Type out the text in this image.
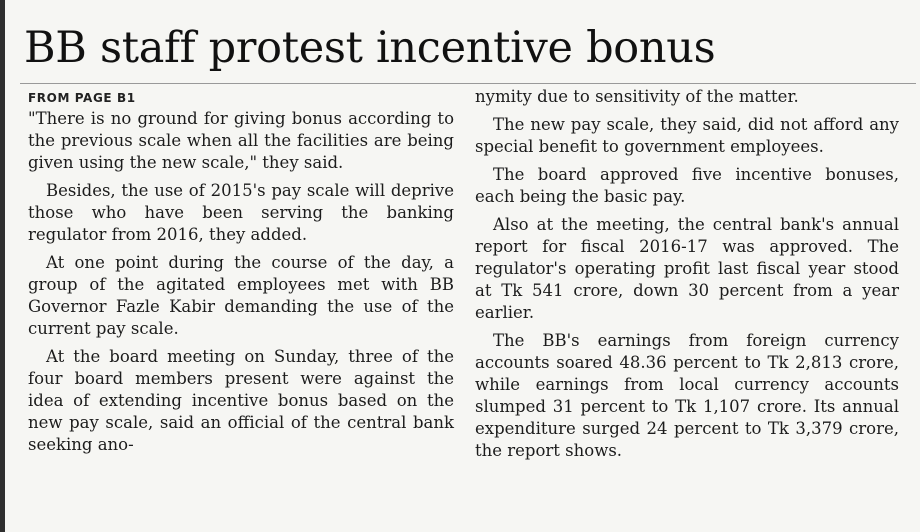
BB staff protest incentive bonus

FROM PAGE B1

"There is no ground for giving bonus according to the previous scale when all the facilities are being given using the new scale," they said.

Besides, the use of 2015's pay scale will deprive those who have been serving the banking regulator from 2016, they added.

At one point during the course of the day, a group of the agitated employees met with BB Governor Fazle Kabir demanding the use of the current pay scale.

At the board meeting on Sunday, three of the four board members present were against the idea of extending incentive bonus based on the new pay scale, said an official of the central bank seeking ano-

nymity due to sensitivity of the matter.

The new pay scale, they said, did not afford any special benefit to government employees.

The board approved five incentive bonuses, each being the basic pay.

Also at the meeting, the central bank's annual report for fiscal 2016-17 was approved. The regulator's operating profit last fiscal year stood at Tk 541 crore, down 30 percent from a year earlier.

The BB's earnings from foreign currency accounts soared 48.36 percent to Tk 2,813 crore, while earnings from local currency accounts slumped 31 percent to Tk 1,107 crore. Its annual expenditure surged 24 percent to Tk 3,379 crore, the report shows.
